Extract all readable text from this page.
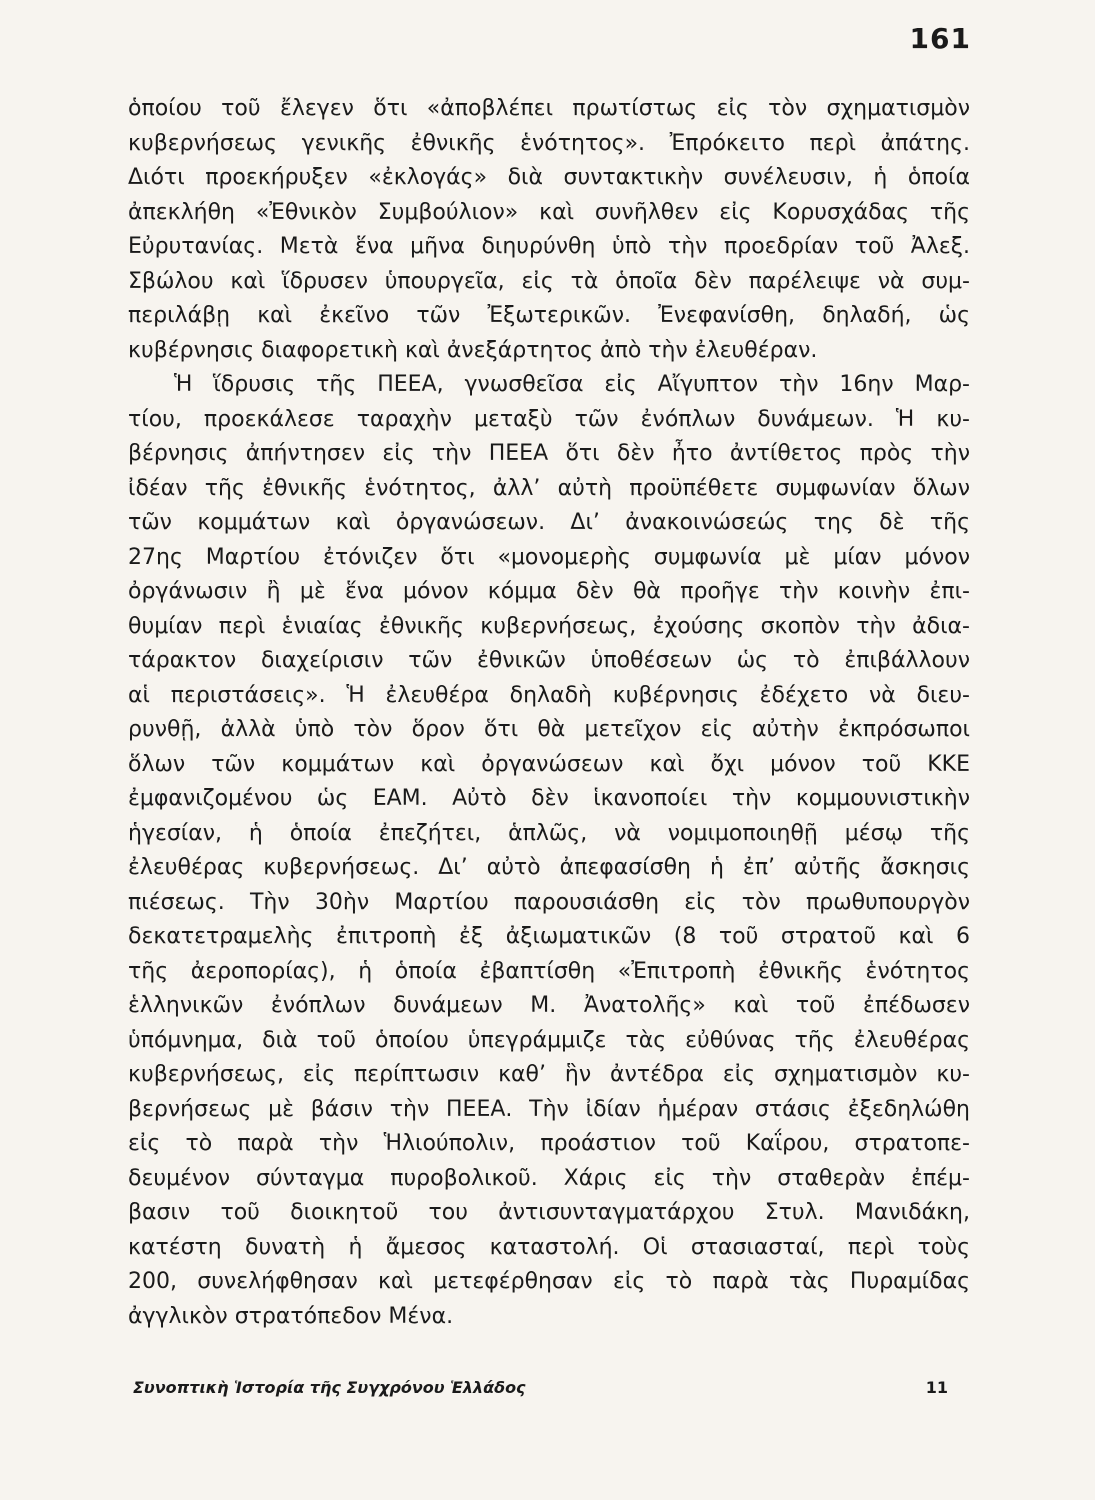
161
ὁποίου τοῦ ἔλεγεν ὅτι «ἀποβλέπει πρωτίστως εἰς τὸν σχηματισμὸν
κυβερνήσεως γενικῆς ἐθνικῆς ἑνότητος». Ἐπρόκειτο περὶ ἀπάτης.
Διότι προεκήρυξεν «ἐκλογάς» διὰ συντακτικὴν συνέλευσιν, ἡ ὁποία
ἀπεκλήθη «Ἐθνικὸν Συμβούλιον» καὶ συνῆλθεν εἰς Κορυσχάδας τῆς
Εὐρυτανίας. Μετὰ ἕνα μῆνα διηυρύνθη ὑπὸ τὴν προεδρίαν τοῦ Ἀλεξ.
Σβώλου καὶ ἵδρυσεν ὑπουργεῖα, εἰς τὰ ὁποῖα δὲν παρέλειψε νὰ συμ-
περιλάβῃ καὶ ἐκεῖνο τῶν Ἐξωτερικῶν. Ἐνεφανίσθη, δηλαδή, ὡς
κυβέρνησις διαφορετικὴ καὶ ἀνεξάρτητος ἀπὸ τὴν ἐλευθέραν.
Ἡ ἵδρυσις τῆς ΠΕΕΑ, γνωσθεῖσα εἰς Αἴγυπτον τὴν 16ην Μαρ-
τίου, προεκάλεσε ταραχὴν μεταξὺ τῶν ἐνόπλων δυνάμεων. Ἡ κυ-
βέρνησις ἀπήντησεν εἰς τὴν ΠΕΕΑ ὅτι δὲν ἦτο ἀντίθετος πρὸς τὴν
ἰδέαν τῆς ἐθνικῆς ἑνότητος, ἀλλ’ αὐτὴ προϋπέθετε συμφωνίαν ὅλων
τῶν κομμάτων καὶ ὀργανώσεων. Δι’ ἀνακοινώσεώς της δὲ τῆς
27ης Μαρτίου ἐτόνιζεν ὅτι «μονομερὴς συμφωνία μὲ μίαν μόνον
ὀργάνωσιν ἢ μὲ ἕνα μόνον κόμμα δὲν θὰ προῆγε τὴν κοινὴν ἐπι-
θυμίαν περὶ ἑνιαίας ἐθνικῆς κυβερνήσεως, ἐχούσης σκοπὸν τὴν ἀδια-
τάρακτον διαχείρισιν τῶν ἐθνικῶν ὑποθέσεων ὡς τὸ ἐπιβάλλουν
αἱ περιστάσεις». Ἡ ἐλευθέρα δηλαδὴ κυβέρνησις ἐδέχετο νὰ διευ-
ρυνθῇ, ἀλλὰ ὑπὸ τὸν ὅρον ὅτι θὰ μετεῖχον εἰς αὐτὴν ἐκπρόσωποι
ὅλων τῶν κομμάτων καὶ ὀργανώσεων καὶ ὄχι μόνον τοῦ ΚΚΕ
ἐμφανιζομένου ὡς ΕΑΜ. Αὐτὸ δὲν ἱκανοποίει τὴν κομμουνιστικὴν
ἡγεσίαν, ἡ ὁποία ἐπεζήτει, ἁπλῶς, νὰ νομιμοποιηθῇ μέσῳ τῆς
ἐλευθέρας κυβερνήσεως. Δι’ αὐτὸ ἀπεφασίσθη ἡ ἐπ’ αὐτῆς ἄσκησις
πιέσεως. Τὴν 30ὴν Μαρτίου παρουσιάσθη εἰς τὸν πρωθυπουργὸν
δεκατετραμελὴς ἐπιτροπὴ ἐξ ἀξιωματικῶν (8 τοῦ στρατοῦ καὶ 6
τῆς ἀεροπορίας), ἡ ὁποία ἐβαπτίσθη «Ἐπιτροπὴ ἐθνικῆς ἑνότητος
ἑλληνικῶν ἐνόπλων δυνάμεων Μ. Ἀνατολῆς» καὶ τοῦ ἐπέδωσεν
ὑπόμνημα, διὰ τοῦ ὁποίου ὑπεγράμμιζε τὰς εὐθύνας τῆς ἐλευθέρας
κυβερνήσεως, εἰς περίπτωσιν καθ’ ἣν ἀντέδρα εἰς σχηματισμὸν κυ-
βερνήσεως μὲ βάσιν τὴν ΠΕΕΑ. Τὴν ἰδίαν ἡμέραν στάσις ἐξεδηλώθη
εἰς τὸ παρὰ τὴν Ἡλιούπολιν, προάστιον τοῦ Καΐρου, στρατοπε-
δευμένον σύνταγμα πυροβολικοῦ. Χάρις εἰς τὴν σταθερὰν ἐπέμ-
βασιν τοῦ διοικητοῦ του ἀντισυνταγματάρχου Στυλ. Μανιδάκη,
κατέστη δυνατὴ ἡ ἄμεσος καταστολή. Οἱ στασιασταί, περὶ τοὺς
200, συνελήφθησαν καὶ μετεφέρθησαν εἰς τὸ παρὰ τὰς Πυραμίδας
ἀγγλικὸν στρατόπεδον Μένα.
Συνοπτικὴ Ἱστορία τῆς Συγχρόνου Ἑλλάδος	11
